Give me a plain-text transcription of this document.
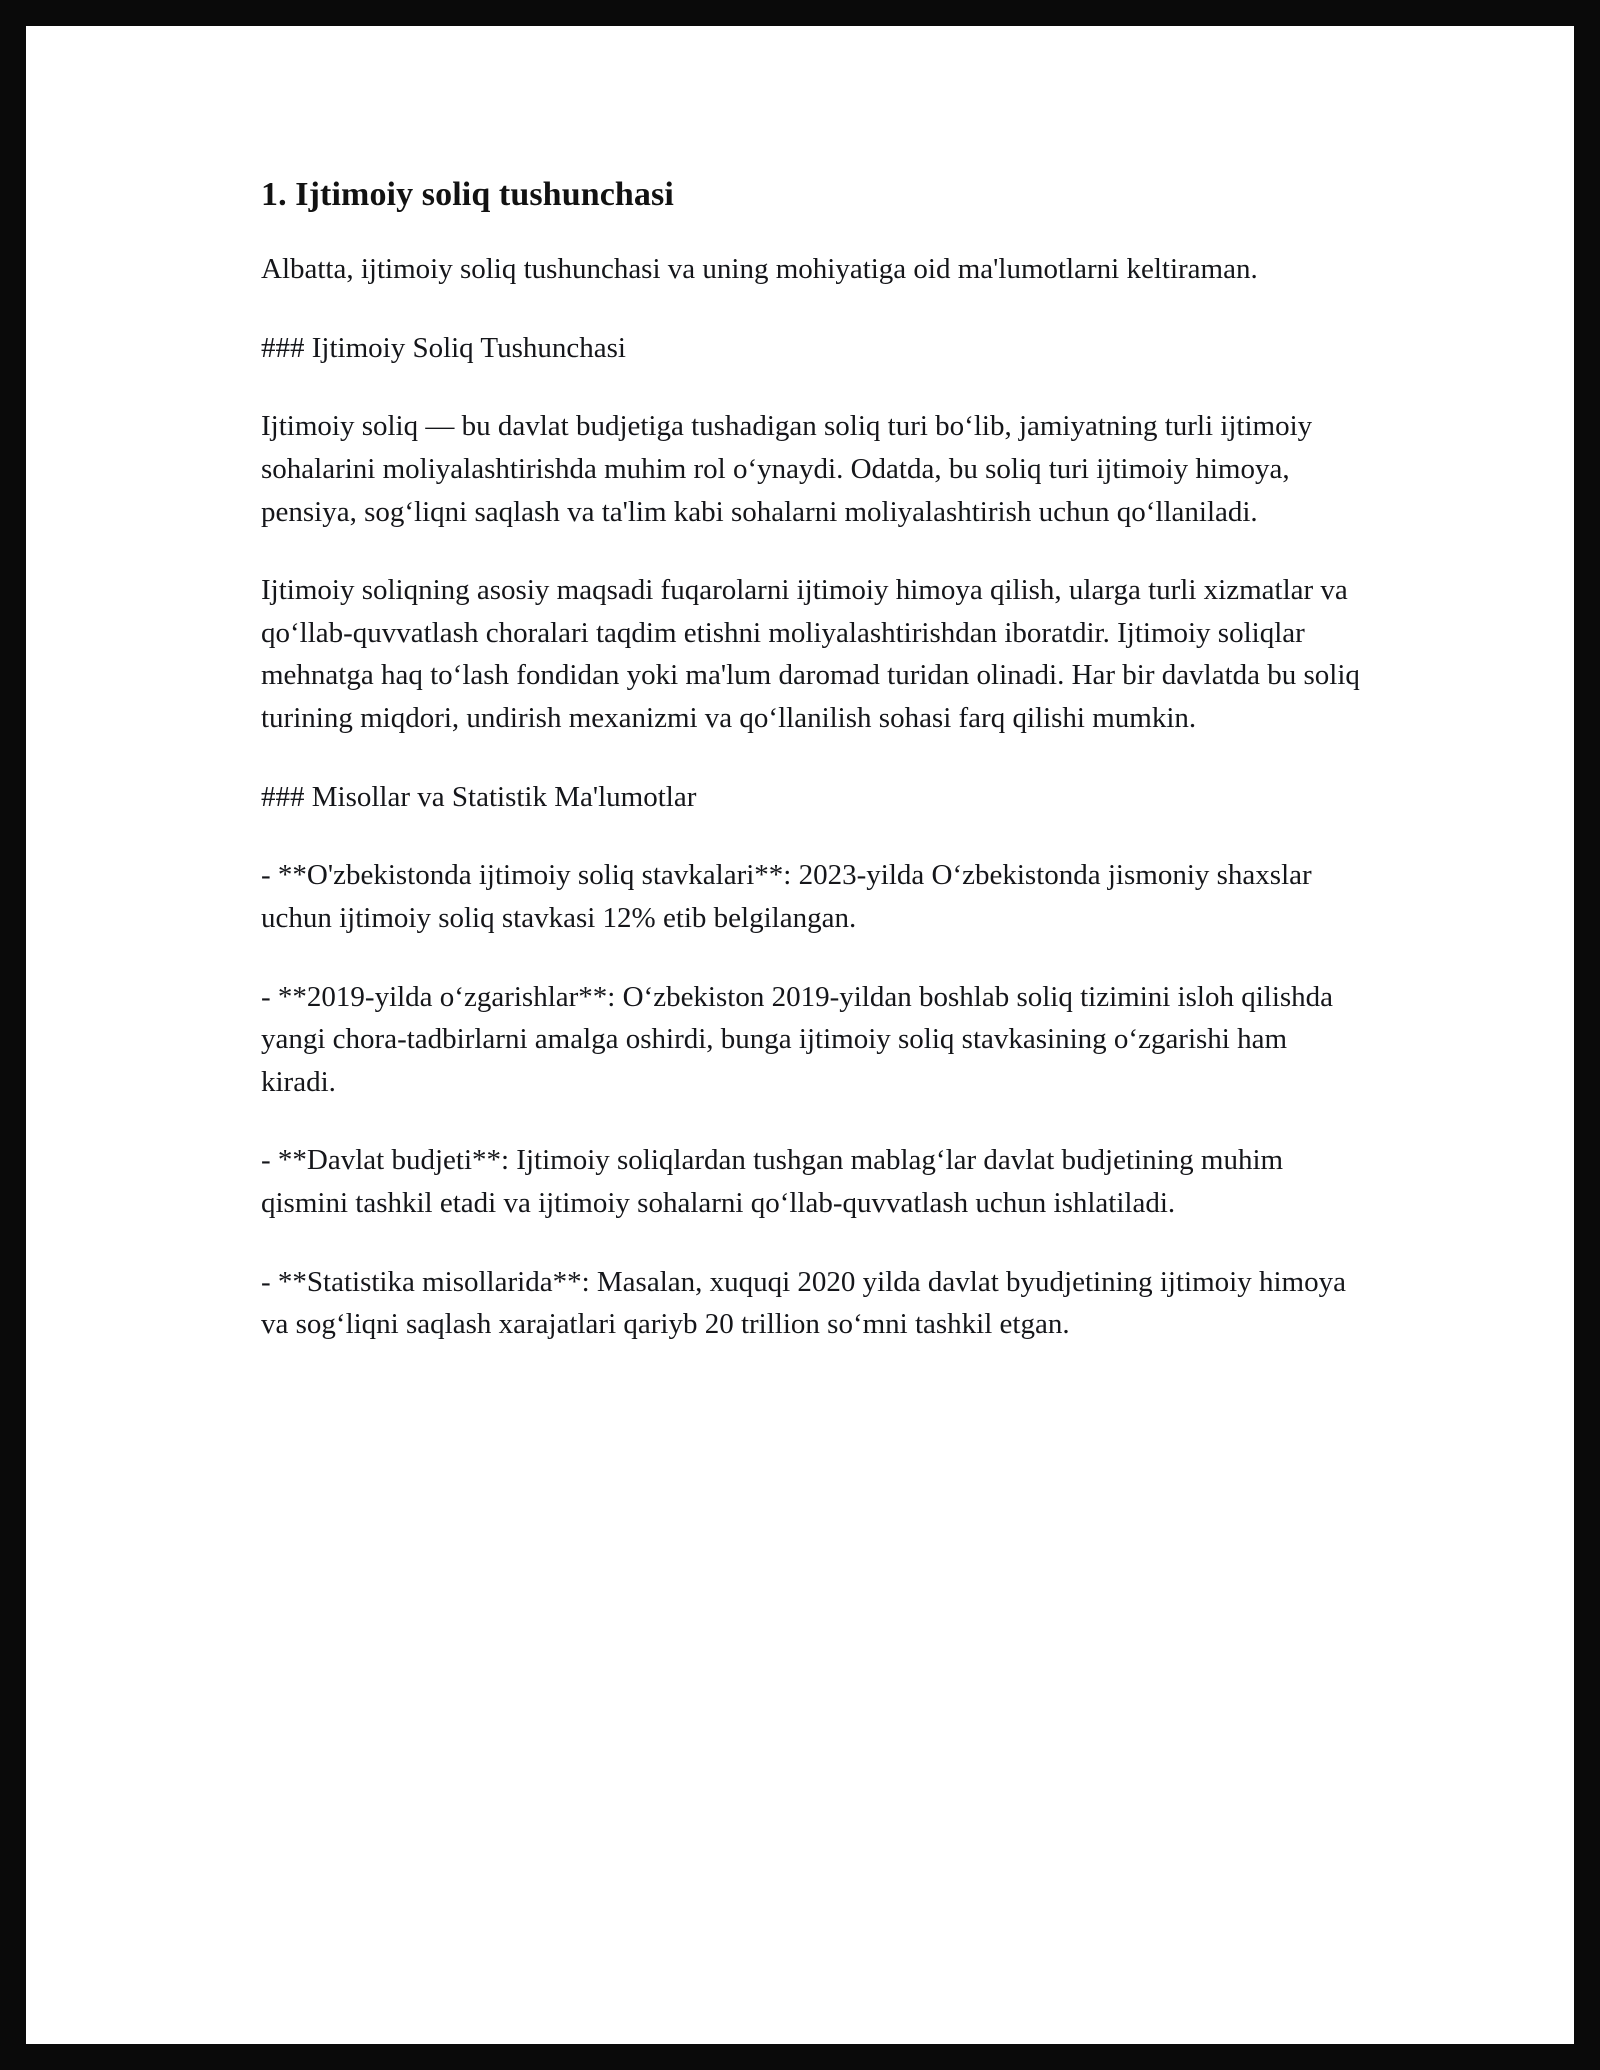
1. Ijtimoiy soliq tushunchasi

Albatta, ijtimoiy soliq tushunchasi va uning mohiyatiga oid ma'lumotlarni keltiraman.

### Ijtimoiy Soliq Tushunchasi

Ijtimoiy soliq — bu davlat budjetiga tushadigan soliq turi bo‘lib, jamiyatning turli ijtimoiy sohalarini moliyalashtirishda muhim rol o‘ynaydi. Odatda, bu soliq turi ijtimoiy himoya, pensiya, sog‘liqni saqlash va ta'lim kabi sohalarni moliyalashtirish uchun qo‘llaniladi.

Ijtimoiy soliqning asosiy maqsadi fuqarolarni ijtimoiy himoya qilish, ularga turli xizmatlar va qo‘llab-quvvatlash choralari taqdim etishni moliyalashtirishdan iboratdir. Ijtimoiy soliqlar mehnatga haq to‘lash fondidan yoki ma'lum daromad turidan olinadi. Har bir davlatda bu soliq turining miqdori, undirish mexanizmi va qo‘llanilish sohasi farq qilishi mumkin.

### Misollar va Statistik Ma'lumotlar

- **O'zbekistonda ijtimoiy soliq stavkalari**: 2023-yilda O‘zbekistonda jismoniy shaxslar uchun ijtimoiy soliq stavkasi 12% etib belgilangan.

- **2019-yilda o‘zgarishlar**: O‘zbekiston 2019-yildan boshlab soliq tizimini isloh qilishda yangi chora-tadbirlarni amalga oshirdi, bunga ijtimoiy soliq stavkasining o‘zgarishi ham kiradi.

- **Davlat budjeti**: Ijtimoiy soliqlardan tushgan mablag‘lar davlat budjetining muhim qismini tashkil etadi va ijtimoiy sohalarni qo‘llab-quvvatlash uchun ishlatiladi.

- **Statistika misollarida**: Masalan, xuquqi 2020 yilda davlat byudjetining ijtimoiy himoya va sog‘liqni saqlash xarajatlari qariyb 20 trillion so‘mni tashkil etgan.
